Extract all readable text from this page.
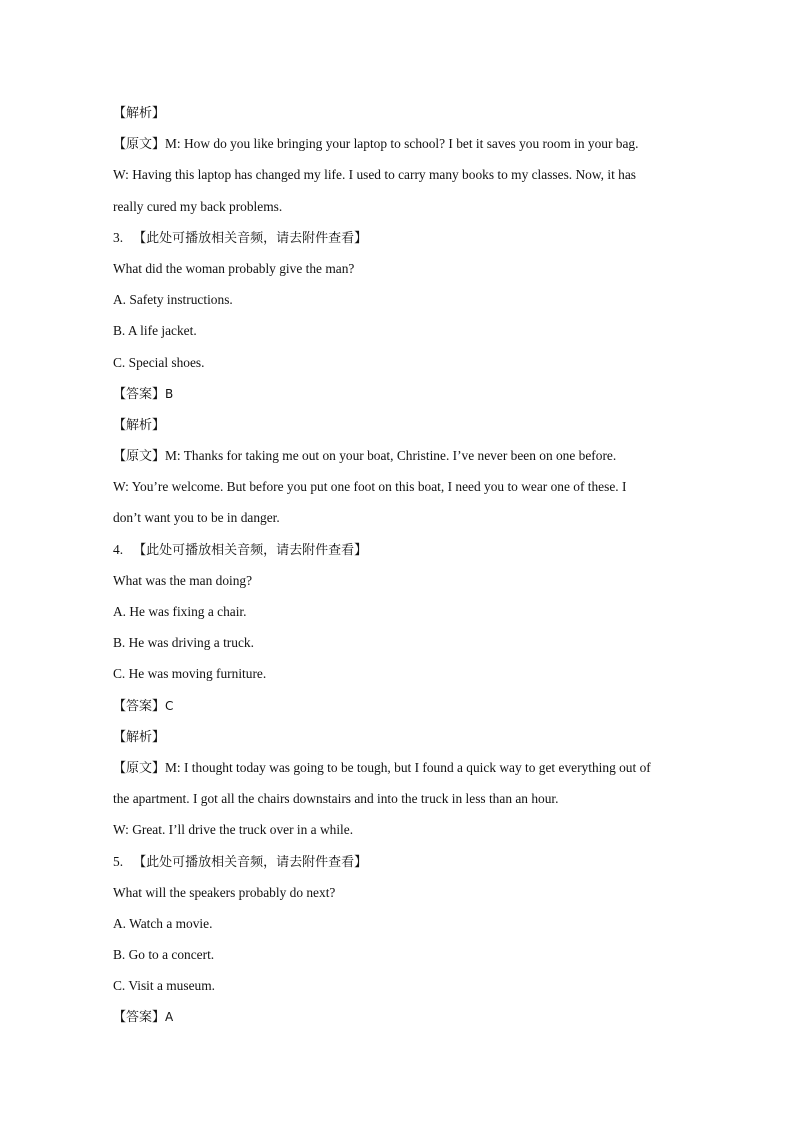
【解析】
【原文】M: How do you like bringing your laptop to school? I bet it saves you room in your bag.
W: Having this laptop has changed my life. I used to carry many books to my classes. Now, it has
really cured my back problems.
3. 【此处可播放相关音频，请去附件查看】
What did the woman probably give the man?
A. Safety instructions.
B. A life jacket.
C. Special shoes.
【答案】B
【解析】
【原文】M: Thanks for taking me out on your boat, Christine. I’ve never been on one before.
W: You’re welcome. But before you put one foot on this boat, I need you to wear one of these. I
don’t want you to be in danger.
4. 【此处可播放相关音频，请去附件查看】
What was the man doing?
A. He was fixing a chair.
B. He was driving a truck.
C. He was moving furniture.
【答案】C
【解析】
【原文】M: I thought today was going to be tough, but I found a quick way to get everything out of
the apartment. I got all the chairs downstairs and into the truck in less than an hour.
W: Great. I’ll drive the truck over in a while.
5. 【此处可播放相关音频，请去附件查看】
What will the speakers probably do next?
A. Watch a movie.
B. Go to a concert.
C. Visit a museum.
【答案】A
